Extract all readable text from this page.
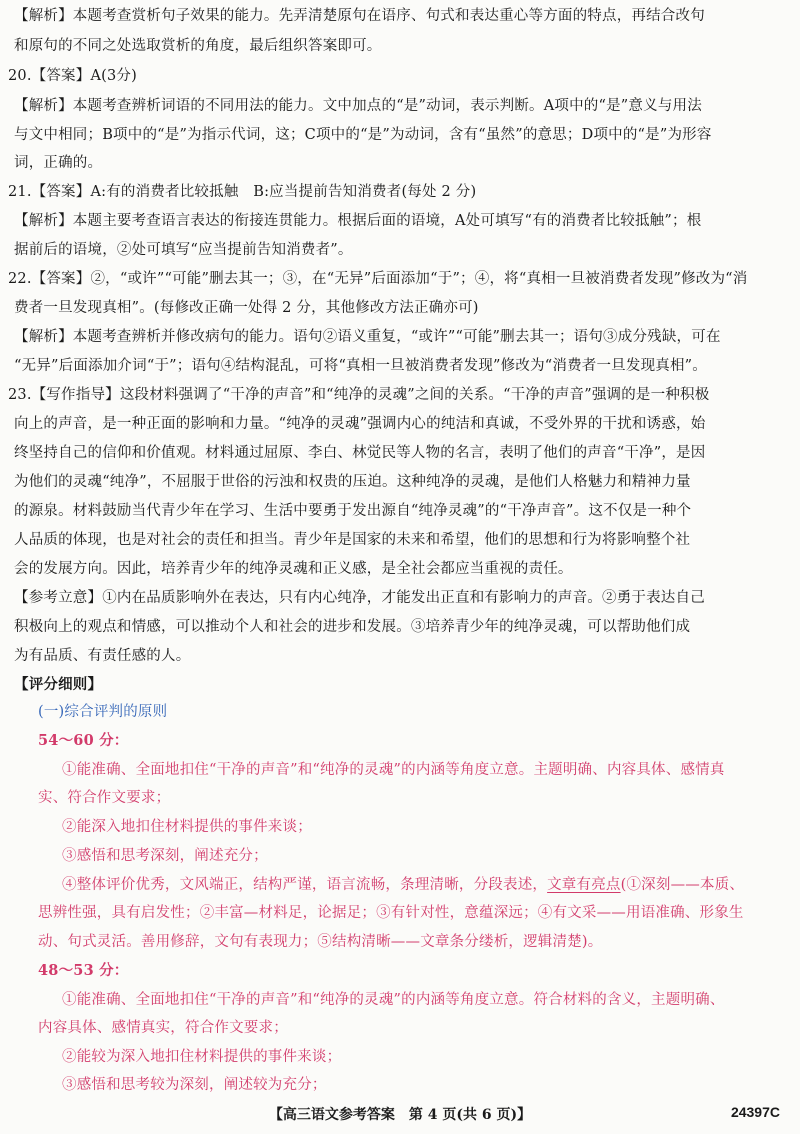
【解析】本题考查赏析句子效果的能力。先弄清楚原句在语序、句式和表达重心等方面的特点，再结合改句
和原句的不同之处选取赏析的角度，最后组织答案即可。
20.【答案】A(3分)
【解析】本题考查辨析词语的不同用法的能力。文中加点的“是”动词，表示判断。A项中的“是”意义与用法
与文中相同；B项中的“是”为指示代词，这；C项中的“是”为动词，含有“虽然”的意思；D项中的“是”为形容
词，正确的。
21.【答案】A:有的消费者比较抵触　B:应当提前告知消费者(每处 2 分)
【解析】本题主要考查语言表达的衔接连贯能力。根据后面的语境，A处可填写“有的消费者比较抵触”；根
据前后的语境，②处可填写“应当提前告知消费者”。
22.【答案】②，“或许”“可能”删去其一；③，在“无异”后面添加“于”；④，将“真相一旦被消费者发现”修改为“消
费者一旦发现真相”。(每修改正确一处得 2 分，其他修改方法正确亦可)
【解析】本题考查辨析并修改病句的能力。语句②语义重复，“或许”“可能”删去其一；语句③成分残缺，可在
“无异”后面添加介词“于”；语句④结构混乱，可将“真相一旦被消费者发现”修改为“消费者一旦发现真相”。
23.【写作指导】这段材料强调了“干净的声音”和“纯净的灵魂”之间的关系。“干净的声音”强调的是一种积极
向上的声音，是一种正面的影响和力量。“纯净的灵魂”强调内心的纯洁和真诚，不受外界的干扰和诱惑，始
终坚持自己的信仰和价值观。材料通过屈原、李白、林觉民等人物的名言，表明了他们的声音“干净”，是因
为他们的灵魂“纯净”，不屈服于世俗的污浊和权贵的压迫。这种纯净的灵魂，是他们人格魅力和精神力量
的源泉。材料鼓励当代青少年在学习、生活中要勇于发出源自“纯净灵魂”的“干净声音”。这不仅是一种个
人品质的体现，也是对社会的责任和担当。青少年是国家的未来和希望，他们的思想和行为将影响整个社
会的发展方向。因此，培养青少年的纯净灵魂和正义感，是全社会都应当重视的责任。
【参考立意】①内在品质影响外在表达，只有内心纯净，才能发出正直和有影响力的声音。②勇于表达自己
积极向上的观点和情感，可以推动个人和社会的进步和发展。③培养青少年的纯净灵魂，可以帮助他们成
为有品质、有责任感的人。
【评分细则】
(一)综合评判的原则
54～60 分：
①能准确、全面地扣住“干净的声音”和“纯净的灵魂”的内涵等角度立意。主题明确、内容具体、感情真
实、符合作文要求；
②能深入地扣住材料提供的事件来谈；
③感悟和思考深刻，阐述充分；
④整体评价优秀，文风端正，结构严谨，语言流畅，条理清晰，分段表述，文章有亮点(①深刻——本质、
思辨性强，具有启发性；②丰富—材料足，论据足；③有针对性，意蕴深远；④有文采——用语准确、形象生
动、句式灵活。善用修辞，文句有表现力；⑤结构清晰——文章条分缕析，逻辑清楚)。
48～53 分：
①能准确、全面地扣住“干净的声音”和“纯净的灵魂”的内涵等角度立意。符合材料的含义，主题明确、
内容具体、感情真实，符合作文要求；
②能较为深入地扣住材料提供的事件来谈；
③感悟和思考较为深刻，阐述较为充分；
【高三语文参考答案　第 4 页(共 6 页)】	24397C
